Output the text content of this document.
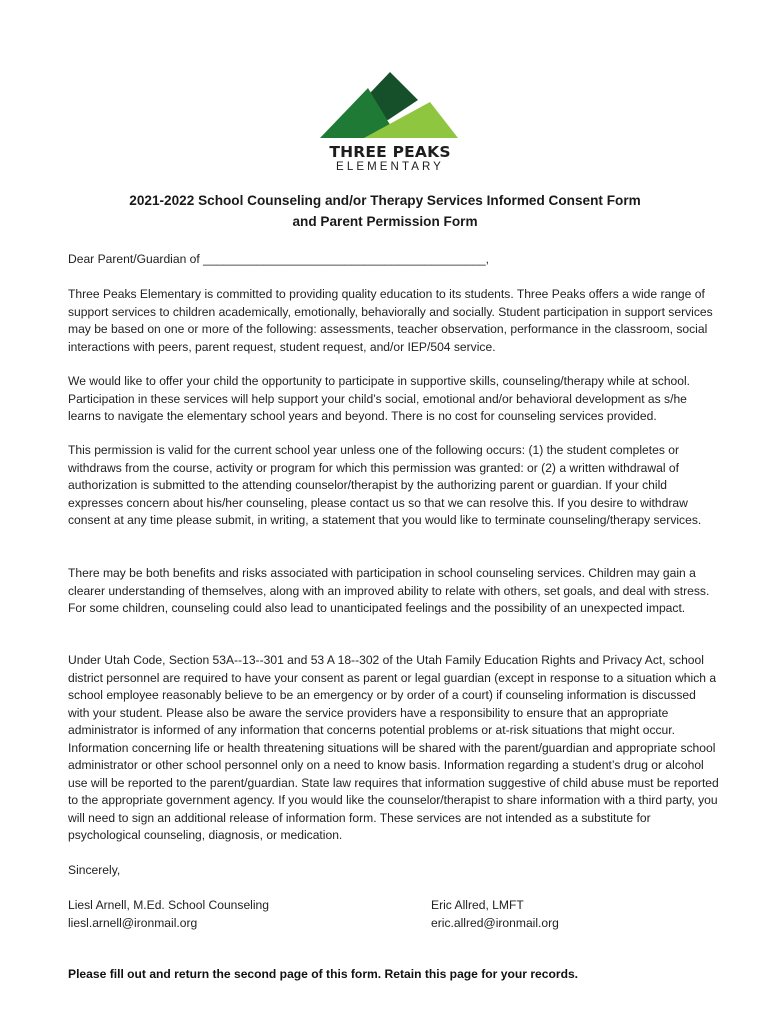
THREE PEAKS
ELEMENTARY
2021-2022 School Counseling and/or Therapy Services Informed Consent Form
and Parent Permission Form
Dear Parent/Guardian of __________________________________________,
Three Peaks Elementary is committed to providing quality education to its students. Three Peaks offers a wide range of support services to children academically, emotionally, behaviorally and socially. Student participation in support services may be based on one or more of the following: assessments, teacher observation, performance in the classroom, social interactions with peers, parent request, student request, and/or IEP/504 service.
We would like to offer your child the opportunity to participate in supportive skills, counseling/therapy while at school. Participation in these services will help support your child’s social, emotional and/or behavioral development as s/he learns to navigate the elementary school years and beyond. There is no cost for counseling services provided.
This permission is valid for the current school year unless one of the following occurs: (1) the student completes or withdraws from the course, activity or program for which this permission was granted: or (2) a written withdrawal of authorization is submitted to the attending counselor/therapist by the authorizing parent or guardian. If your child expresses concern about his/her counseling, please contact us so that we can resolve this. If you desire to withdraw consent at any time please submit, in writing, a statement that you would like to terminate counseling/therapy services.
There may be both benefits and risks associated with participation in school counseling services. Children may gain a clearer understanding of themselves, along with an improved ability to relate with others, set goals, and deal with stress. For some children, counseling could also lead to unanticipated feelings and the possibility of an unexpected impact.
Under Utah Code, Section 53A--13--301 and 53 A 18--302 of the Utah Family Education Rights and Privacy Act, school district personnel are required to have your consent as parent or legal guardian (except in response to a situation which a school employee reasonably believe to be an emergency or by order of a court) if counseling information is discussed with your student. Please also be aware the service providers have a responsibility to ensure that an appropriate administrator is informed of any information that concerns potential problems or at-risk situations that might occur. Information concerning life or health threatening situations will be shared with the parent/guardian and appropriate school administrator or other school personnel only on a need to know basis. Information regarding a student’s drug or alcohol use will be reported to the parent/guardian. State law requires that information suggestive of child abuse must be reported to the appropriate government agency. If you would like the counselor/therapist to share information with a third party, you will need to sign an additional release of information form. These services are not intended as a substitute for psychological counseling, diagnosis, or medication.
Sincerely,
Liesl Arnell, M.Ed. School Counseling
liesl.arnell@ironmail.org
Eric Allred, LMFT
eric.allred@ironmail.org
Please fill out and return the second page of this form. Retain this page for your records.
